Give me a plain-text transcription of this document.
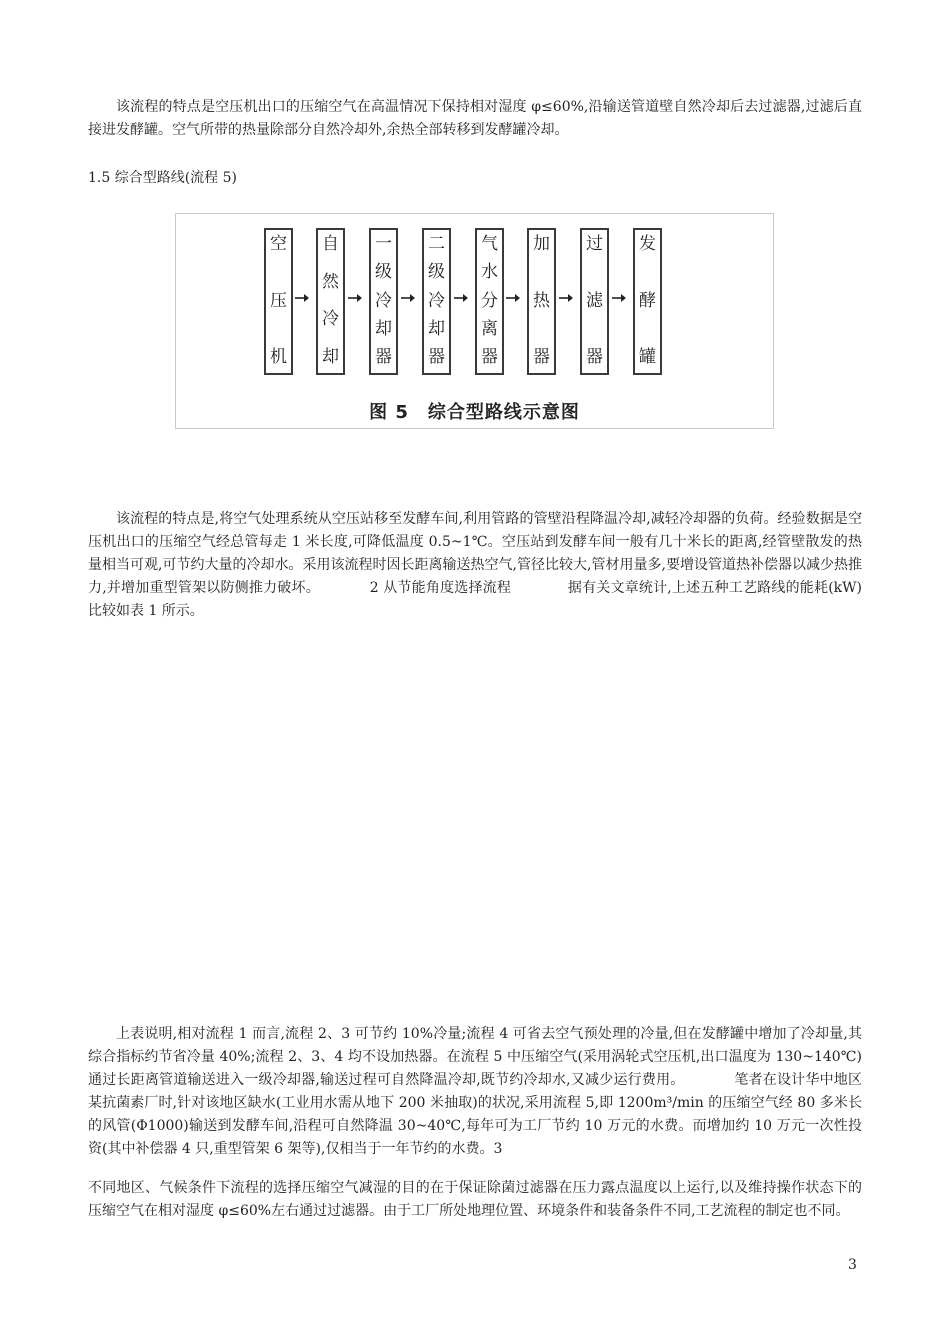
该流程的特点是空压机出口的压缩空气在高温情况下保持相对湿度 φ≤60%,沿输送管道壁自然冷却后去过滤器,过滤后直接进发酵罐。空气所带的热量除部分自然冷却外,余热全部转移到发酵罐冷却。

1.5 综合型路线(流程 5)

空
压
机
自
然
冷
却
一
级
冷
却
器
二
级
冷
却
器
气
水
分
离
器
加
热
器
过
滤
器
发
酵
罐
图 5　综合型路线示意图

该流程的特点是,将空气处理系统从空压站移至发酵车间,利用管路的管壁沿程降温冷却,减轻冷却器的负荷。经验数据是空压机出口的压缩空气经总管每走 1 米长度,可降低温度 0.5~1℃。空压站到发酵车间一般有几十米长的距离,经管壁散发的热量相当可观,可节约大量的冷却水。采用该流程时因长距离输送热空气,管径比较大,管材用量多,要增设管道热补偿器以减少热推力,并增加重型管架以防侧推力破坏。　　　　2 从节能角度选择流程　　　　据有关文章统计,上述五种工艺路线的能耗(kW)比较如表 1 所示。

上表说明,相对流程 1 而言,流程 2、3 可节约 10%冷量;流程 4 可省去空气预处理的冷量,但在发酵罐中增加了冷却量,其综合指标约节省冷量 40%;流程 2、3、4 均不设加热器。在流程 5 中压缩空气(采用涡轮式空压机,出口温度为 130~140℃)通过长距离管道输送进入一级冷却器,输送过程可自然降温冷却,既节约冷却水,又减少运行费用。　　　　笔者在设计华中地区某抗菌素厂时,针对该地区缺水(工业用水需从地下 200 米抽取)的状况,采用流程 5,即 1200m³/min 的压缩空气经 80 多米长的风管(Φ1000)输送到发酵车间,沿程可自然降温 30~40℃,每年可为工厂节约 10 万元的水费。而增加约 10 万元一次性投资(其中补偿器 4 只,重型管架 6 架等),仅相当于一年节约的水费。3

不同地区、气候条件下流程的选择压缩空气减湿的目的在于保证除菌过滤器在压力露点温度以上运行,以及维持操作状态下的压缩空气在相对湿度 φ≤60%左右通过过滤器。由于工厂所处地理位置、环境条件和装备条件不同,工艺流程的制定也不同。

3
